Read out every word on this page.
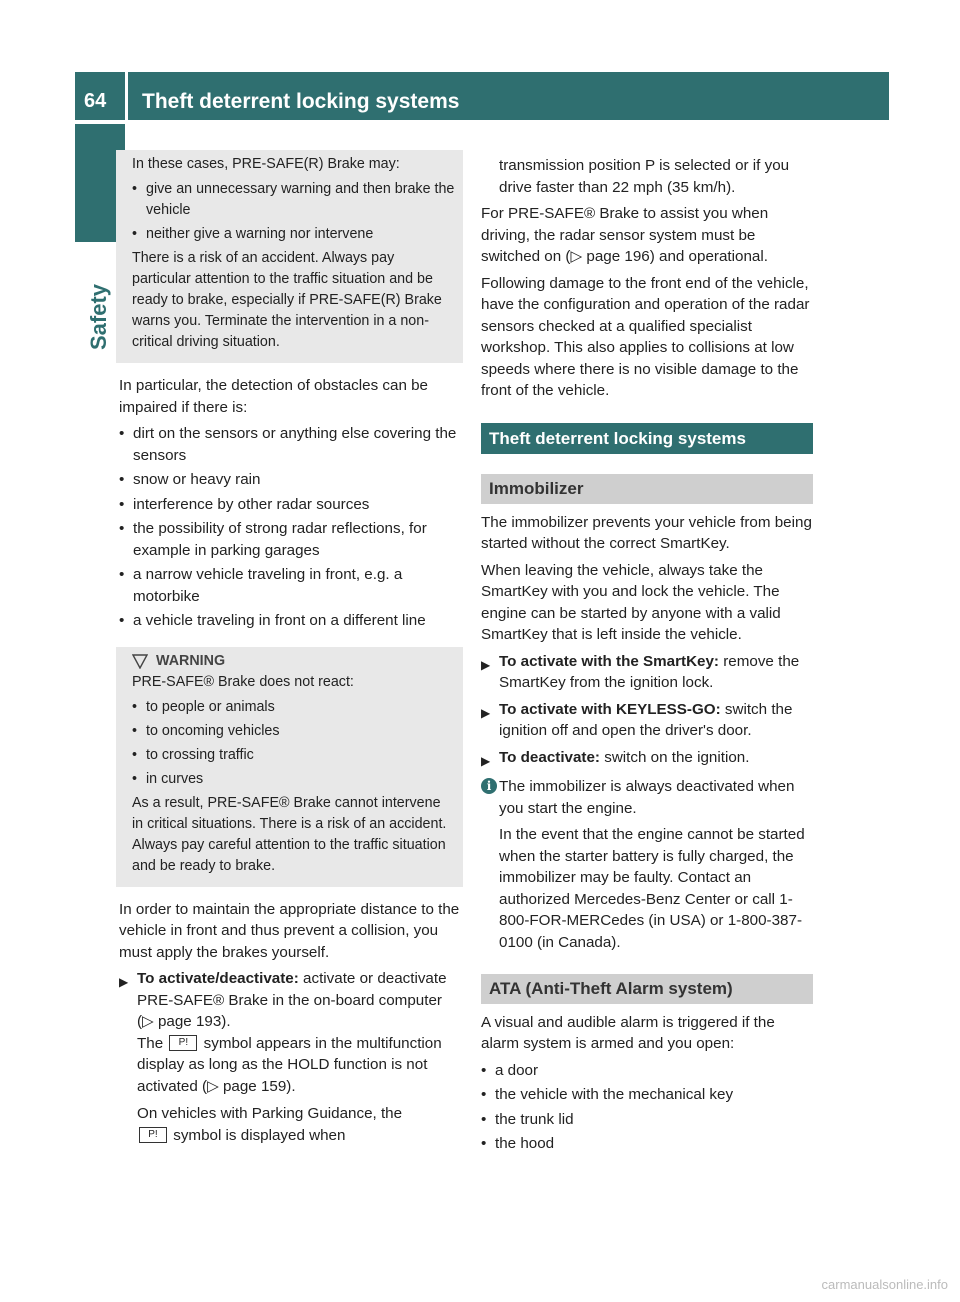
64 Theft deterrent locking systems
Safety

In these cases, PRE-SAFE(R) Brake may:

• give an unnecessary warning and then brake the vehicle
• neither give a warning nor intervene

There is a risk of an accident. Always pay particular attention to the traffic situation and be ready to brake, especially if PRE-SAFE(R) Brake warns you. Terminate the intervention in a non-critical driving situation.

In particular, the detection of obstacles can be impaired if there is:

• dirt on the sensors or anything else covering the sensors
• snow or heavy rain
• interference by other radar sources
• the possibility of strong radar reflections, for example in parking garages
• a narrow vehicle traveling in front, e.g. a motorbike
• a vehicle traveling in front on a different line
WARNING

PRE-SAFE® Brake does not react:

• to people or animals
• to oncoming vehicles
• to crossing traffic
• in curves

As a result, PRE-SAFE® Brake cannot intervene in critical situations. There is a risk of an accident. Always pay careful attention to the traffic situation and be ready to brake.

In order to maintain the appropriate distance to the vehicle in front and thus prevent a collision, you must apply the brakes yourself.

▶ To activate/deactivate: activate or deactivate PRE-SAFE® Brake in the on-board computer (▷ page 193).
The P! symbol appears in the multifunction display as long as the HOLD function is not activated (▷ page 159).

On vehicles with Parking Guidance, the
P! symbol is displayed when

transmission position P is selected or if you drive faster than 22 mph (35 km/h).

For PRE-SAFE® Brake to assist you when driving, the radar sensor system must be switched on (▷ page 196) and operational.

Following damage to the front end of the vehicle, have the configuration and operation of the radar sensors checked at a qualified specialist workshop. This also applies to collisions at low speeds where there is no visible damage to the front of the vehicle.

Theft deterrent locking systems
Immobilizer

The immobilizer prevents your vehicle from being started without the correct SmartKey.

When leaving the vehicle, always take the SmartKey with you and lock the vehicle. The engine can be started by anyone with a valid SmartKey that is left inside the vehicle.

▶ To activate with the SmartKey: remove the SmartKey from the ignition lock.
▶ To activate with KEYLESS-GO: switch the ignition off and open the driver's door.
▶ To deactivate: switch on the ignition.
i The immobilizer is always deactivated when you start the engine.

In the event that the engine cannot be started when the starter battery is fully charged, the immobilizer may be faulty. Contact an authorized Mercedes-Benz Center or call 1-800-FOR-MERCedes (in USA) or 1-800-387-0100 (in Canada).

ATA (Anti-Theft Alarm system)

A visual and audible alarm is triggered if the alarm system is armed and you open:

• a door
• the vehicle with the mechanical key
• the trunk lid
• the hood
carmanualsonline.info
